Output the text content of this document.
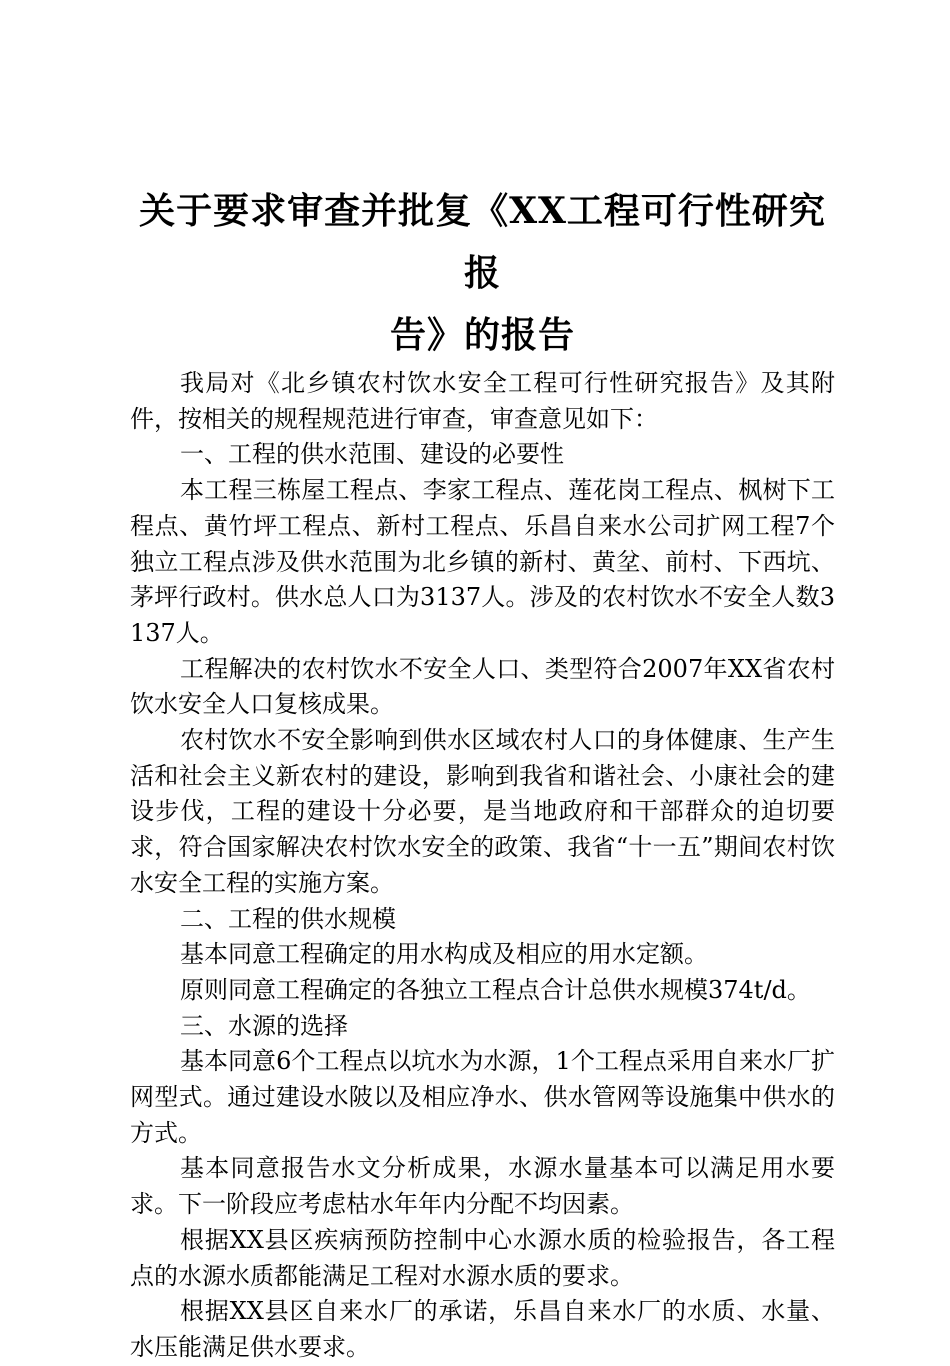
关于要求审查并批复《XX工程可行性研究报
告》的报告

我局对《北乡镇农村饮水安全工程可行性研究报告》及其附件，按相关的规程规范进行审查，审查意见如下：

一、工程的供水范围、建设的必要性

本工程三栋屋工程点、李家工程点、莲花岗工程点、枫树下工程点、黄竹坪工程点、新村工程点、乐昌自来水公司扩网工程7个独立工程点涉及供水范围为北乡镇的新村、黄坌、前村、下西坑、茅坪行政村。供水总人口为3137人。涉及的农村饮水不安全人数3137人。

工程解决的农村饮水不安全人口、类型符合2007年XX省农村饮水安全人口复核成果。

农村饮水不安全影响到供水区域农村人口的身体健康、生产生活和社会主义新农村的建设，影响到我省和谐社会、小康社会的建设步伐，工程的建设十分必要，是当地政府和干部群众的迫切要求，符合国家解决农村饮水安全的政策、我省“十一五”期间农村饮水安全工程的实施方案。

二、工程的供水规模

基本同意工程确定的用水构成及相应的用水定额。

原则同意工程确定的各独立工程点合计总供水规模374t/d。

三、水源的选择

基本同意6个工程点以坑水为水源，1个工程点采用自来水厂扩网型式。通过建设水陂以及相应净水、供水管网等设施集中供水的方式。

基本同意报告水文分析成果，水源水量基本可以满足用水要求。下一阶段应考虑枯水年年内分配不均因素。

根据XX县区疾病预防控制中心水源水质的检验报告，各工程点的水源水质都能满足工程对水源水质的要求。

根据XX县区自来水厂的承诺，乐昌自来水厂的水质、水量、水压能满足供水要求。
